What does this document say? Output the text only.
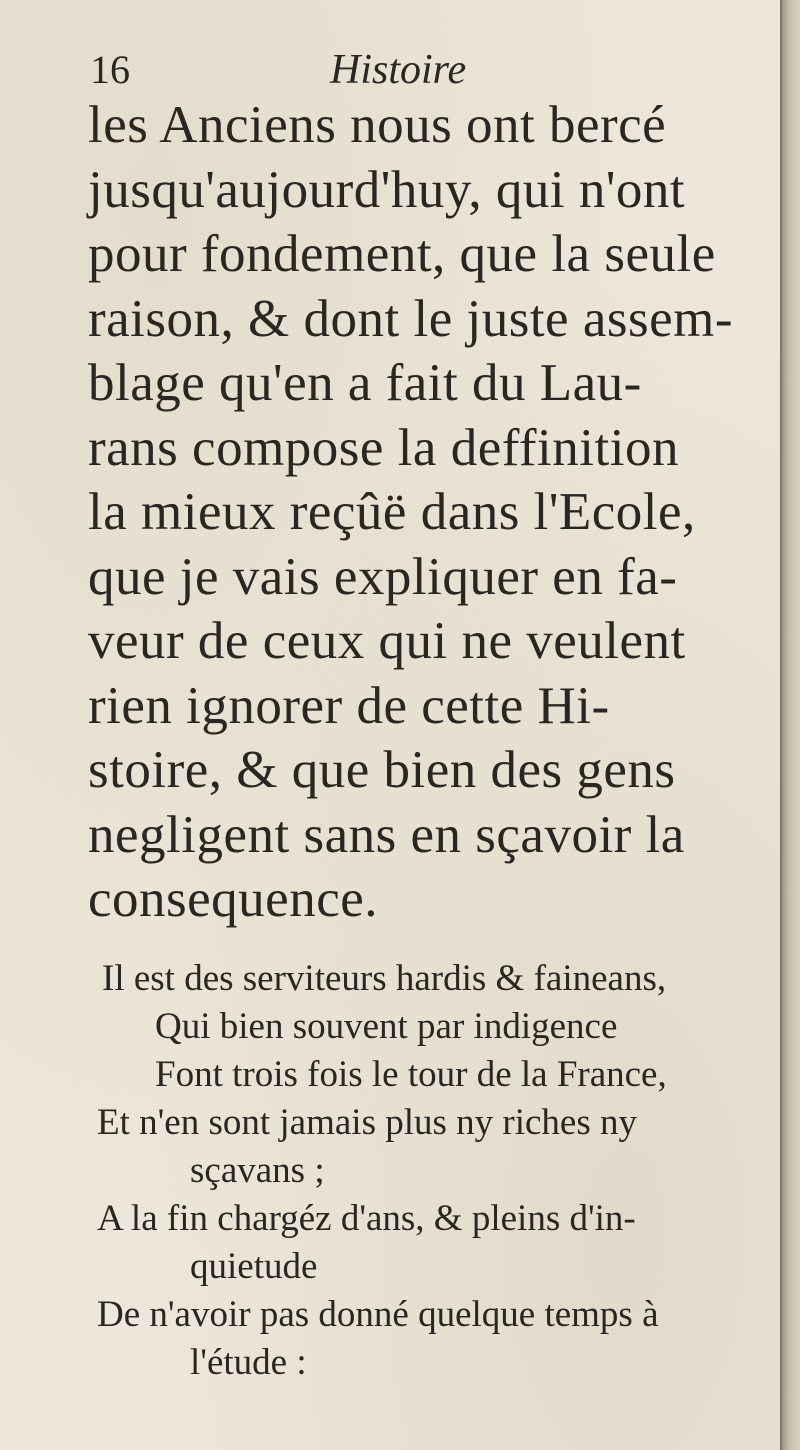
16	Histoire
les Anciens nous ont bercé
jusqu'aujourd'huy, qui n'ont
pour fondement, que la seule
raison, & dont le juste assem-
blage qu'en a fait du Lau-
rans compose la deffinition
la mieux reçûë dans l'Ecole,
que je vais expliquer en fa-
veur de ceux qui ne veulent
rien ignorer de cette Hi-
stoire, & que bien des gens
negligent sans en sçavoir la
consequence.
Il est des serviteurs hardis & faineans,
Qui bien souvent par indigence
Font trois fois le tour de la France,
Et n'en sont jamais plus ny riches ny
sçavans ;
A la fin chargéz d'ans, & pleins d'in-
quietude
De n'avoir pas donné quelque temps à
l'étude :
